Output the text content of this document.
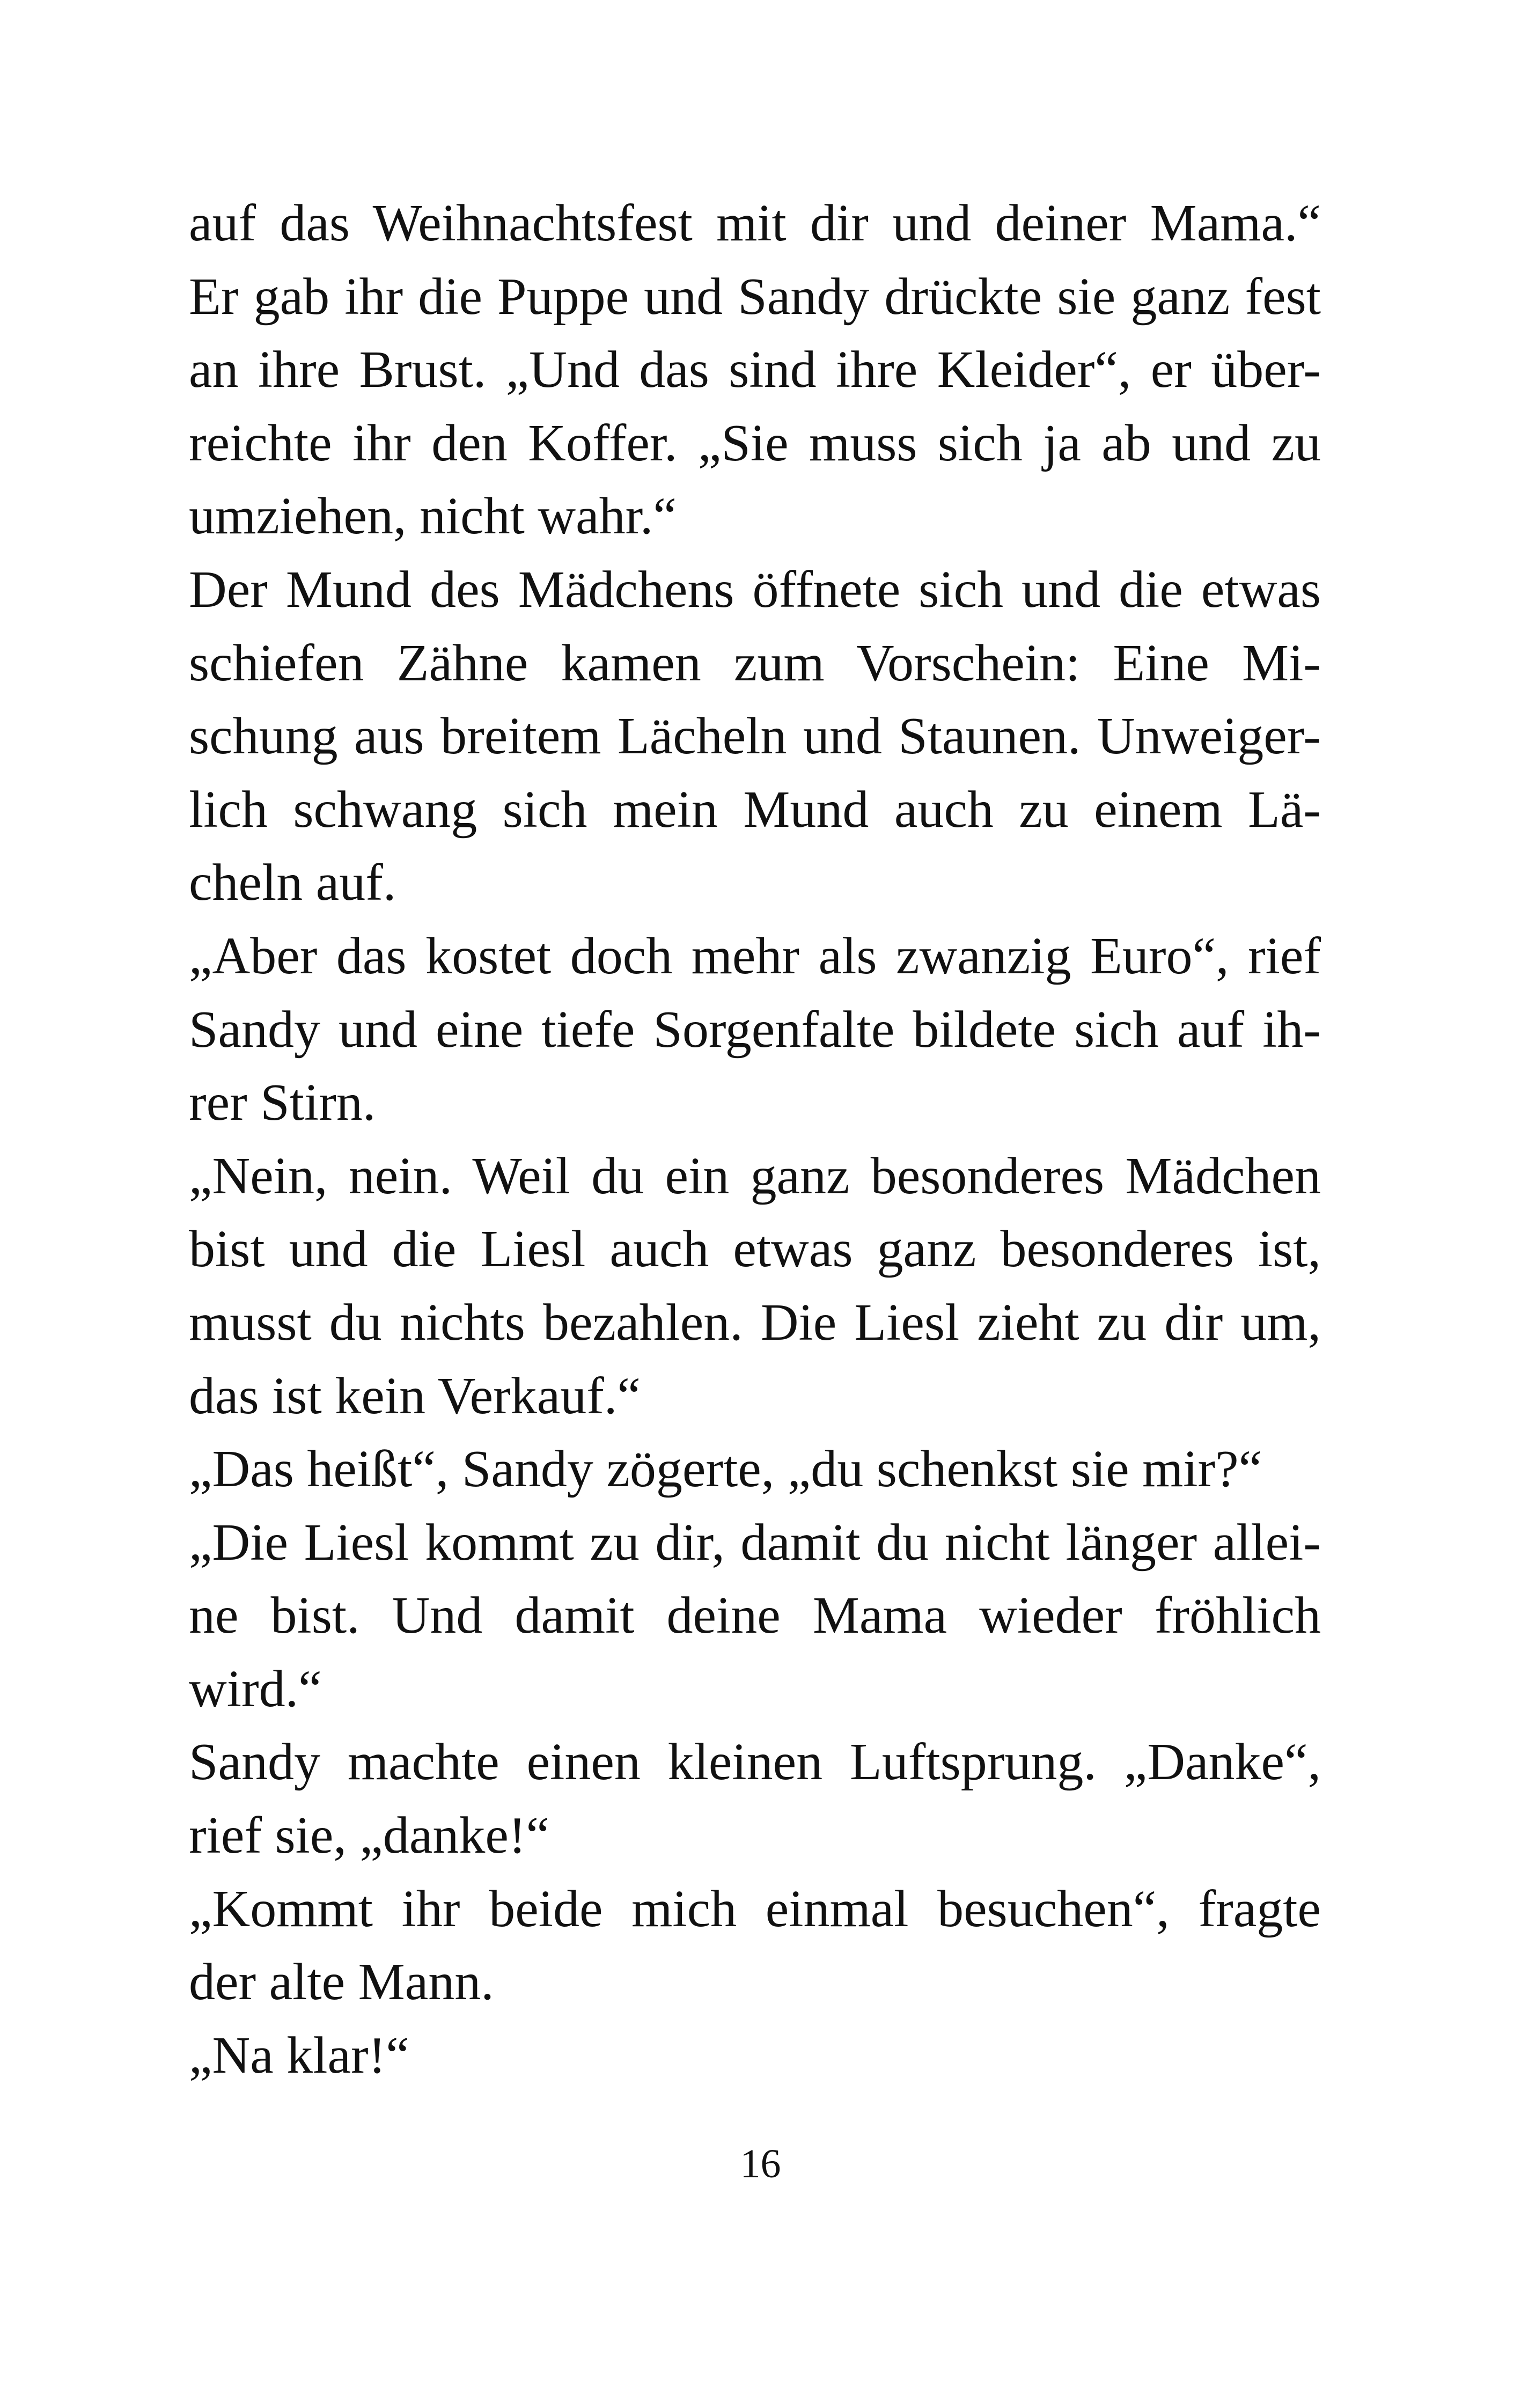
auf das Weihnachtsfest mit dir und deiner Mama.“
Er gab ihr die Puppe und Sandy drückte sie ganz fest
an ihre Brust. „Und das sind ihre Kleider“, er über-
reichte ihr den Koffer. „Sie muss sich ja ab und zu
umziehen, nicht wahr.“
Der Mund des Mädchens öffnete sich und die etwas
schiefen Zähne kamen zum Vorschein: Eine Mi-
schung aus breitem Lächeln und Staunen. Unweiger-
lich schwang sich mein Mund auch zu einem Lä-
cheln auf.
„Aber das kostet doch mehr als zwanzig Euro“, rief
Sandy und eine tiefe Sorgenfalte bildete sich auf ih-
rer Stirn.
„Nein, nein. Weil du ein ganz besonderes Mädchen
bist und die Liesl auch etwas ganz besonderes ist,
musst du nichts bezahlen. Die Liesl zieht zu dir um,
das ist kein Verkauf.“
„Das heißt“, Sandy zögerte, „du schenkst sie mir?“
„Die Liesl kommt zu dir, damit du nicht länger allei-
ne bist. Und damit deine Mama wieder fröhlich
wird.“
Sandy machte einen kleinen Luftsprung. „Danke“,
rief sie, „danke!“
„Kommt ihr beide mich einmal besuchen“, fragte
der alte Mann.
„Na klar!“
16
